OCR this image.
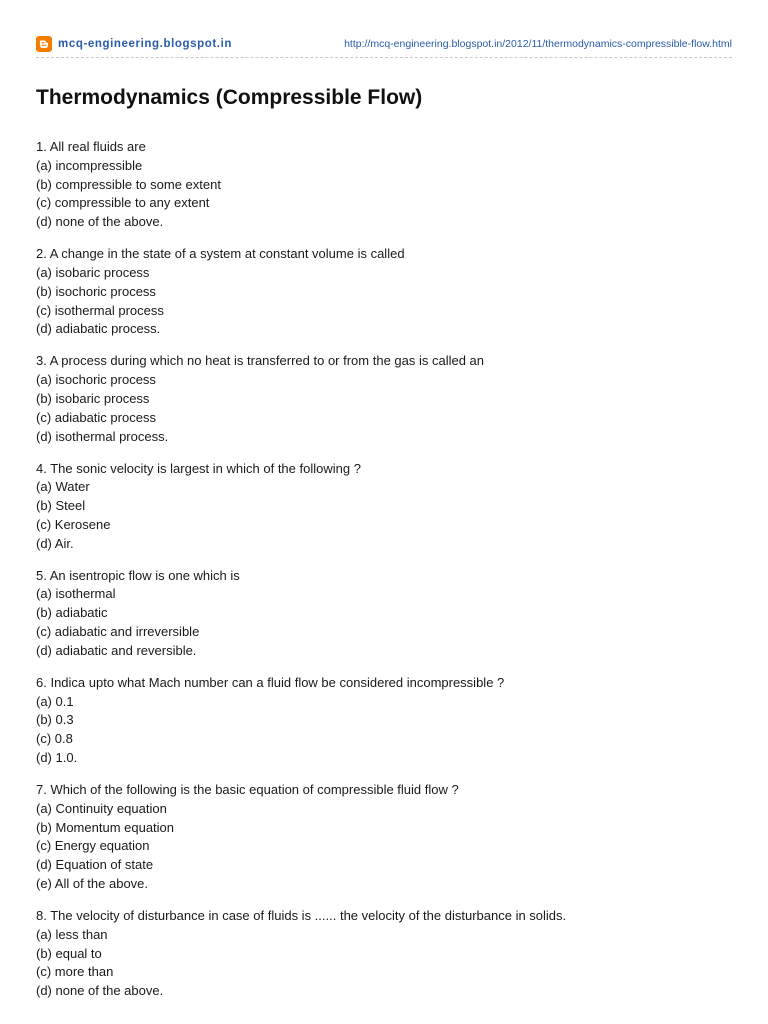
mcq-engineering.blogspot.in	http://mcq-engineering.blogspot.in/2012/11/thermodynamics-compressible-flow.html
Thermodynamics (Compressible Flow)
1. All real fluids are
(a) incompressible
(b) compressible to some extent
(c) compressible to any extent
(d) none of the above.
2. A change in the state of a system at constant volume is called
(a) isobaric process
(b) isochoric process
(c) isothermal process
(d) adiabatic process.
3. A process during which no heat is transferred to or from the gas is called an
(a) isochoric process
(b) isobaric process
(c) adiabatic process
(d) isothermal process.
4. The sonic velocity is largest in which of the following ?
(a) Water
(b) Steel
(c) Kerosene
(d) Air.
5. An isentropic flow is one which is
(a) isothermal
(b) adiabatic
(c) adiabatic and irreversible
(d) adiabatic and reversible.
6. Indica upto what Mach number can a fluid flow be considered incompressible ?
(a) 0.1
(b) 0.3
(c) 0.8
(d) 1.0.
7. Which of the following is the basic equation of compressible fluid flow ?
(a) Continuity equation
(b) Momentum equation
(c) Energy equation
(d) Equation of state
(e) All of the above.
8. The velocity of disturbance in case of fluids is ...... the velocity of the disturbance in solids.
(a) less than
(b) equal to
(c) more than
(d) none of the above.
